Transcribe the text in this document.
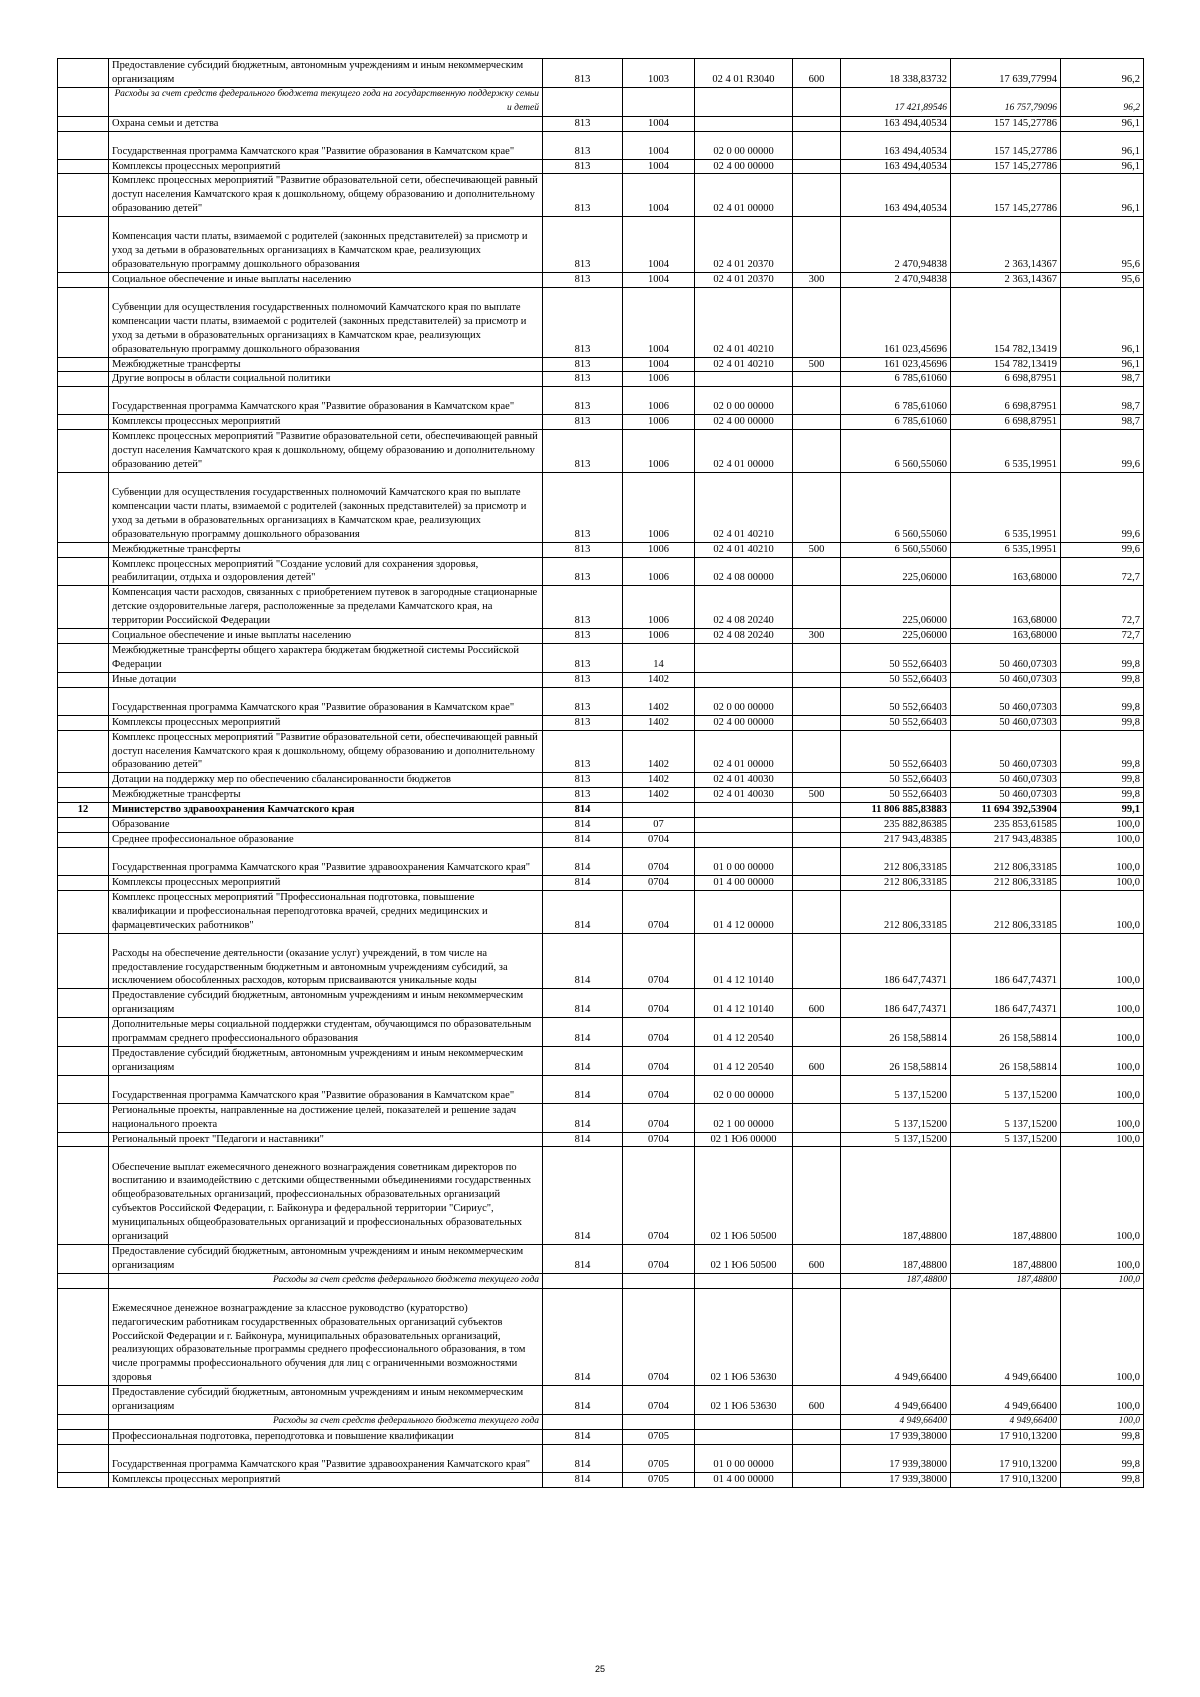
	Предоставление субсидий бюджетным, автономным учреждениям и иным некоммерческим организациям	813	1003	02 4 01 R3040	600	18 338,83732	17 639,77994	96,2
	Расходы за счет средств федерального бюджета текущего года на государственную поддержку семьи и детей					17 421,89546	16 757,79096	96,2
	Охрана семьи и детства	813	1004			163 494,40534	157 145,27786	96,1
	Государственная программа Камчатского края "Развитие образования в Камчатском крае"	813	1004	02 0 00 00000		163 494,40534	157 145,27786	96,1
	Комплексы процессных мероприятий	813	1004	02 4 00 00000		163 494,40534	157 145,27786	96,1
	Комплекс процессных мероприятий "Развитие образовательной сети, обеспечивающей равный доступ населения Камчатского края к дошкольному, общему образованию и дополнительному образованию детей"	813	1004	02 4 01 00000		163 494,40534	157 145,27786	96,1
	Компенсация части платы, взимаемой с родителей (законных представителей) за присмотр и уход за детьми в образовательных организациях в Камчатском крае, реализующих образовательную программу дошкольного образования	813	1004	02 4 01 20370		2 470,94838	2 363,14367	95,6
	Социальное обеспечение и иные выплаты населению	813	1004	02 4 01 20370	300	2 470,94838	2 363,14367	95,6
	Субвенции для осуществления государственных полномочий Камчатского края по выплате компенсации части платы, взимаемой с родителей (законных представителей) за присмотр и уход за детьми в образовательных организациях в Камчатском крае, реализующих образовательную программу дошкольного образования	813	1004	02 4 01 40210		161 023,45696	154 782,13419	96,1
	Межбюджетные трансферты	813	1004	02 4 01 40210	500	161 023,45696	154 782,13419	96,1
	Другие вопросы в области социальной политики	813	1006			6 785,61060	6 698,87951	98,7
	Государственная программа Камчатского края "Развитие образования в Камчатском крае"	813	1006	02 0 00 00000		6 785,61060	6 698,87951	98,7
	Комплексы процессных мероприятий	813	1006	02 4 00 00000		6 785,61060	6 698,87951	98,7
	Комплекс процессных мероприятий "Развитие образовательной сети, обеспечивающей равный доступ населения Камчатского края к дошкольному, общему образованию и дополнительному образованию детей"	813	1006	02 4 01 00000		6 560,55060	6 535,19951	99,6
	Субвенции для осуществления государственных полномочий Камчатского края по выплате компенсации части платы, взимаемой с родителей (законных представителей) за присмотр и уход за детьми в образовательных организациях в Камчатском крае, реализующих образовательную программу дошкольного образования	813	1006	02 4 01 40210		6 560,55060	6 535,19951	99,6
	Межбюджетные трансферты	813	1006	02 4 01 40210	500	6 560,55060	6 535,19951	99,6
	Комплекс процессных мероприятий "Создание условий для сохранения здоровья, реабилитации, отдыха и оздоровления детей"	813	1006	02 4 08 00000		225,06000	163,68000	72,7
	Компенсация части расходов, связанных с приобретением путевок в загородные стационарные детские оздоровительные лагеря, расположенные за пределами Камчатского края, на территории Российской Федерации	813	1006	02 4 08 20240		225,06000	163,68000	72,7
	Социальное обеспечение и иные выплаты населению	813	1006	02 4 08 20240	300	225,06000	163,68000	72,7
	Межбюджетные трансферты общего характера бюджетам бюджетной системы Российской Федерации	813	14			50 552,66403	50 460,07303	99,8
	Иные дотации	813	1402			50 552,66403	50 460,07303	99,8
	Государственная программа Камчатского края "Развитие образования в Камчатском крае"	813	1402	02 0 00 00000		50 552,66403	50 460,07303	99,8
	Комплексы процессных мероприятий	813	1402	02 4 00 00000		50 552,66403	50 460,07303	99,8
	Комплекс процессных мероприятий "Развитие образовательной сети, обеспечивающей равный доступ населения Камчатского края к дошкольному, общему образованию и дополнительному образованию детей"	813	1402	02 4 01 00000		50 552,66403	50 460,07303	99,8
	Дотации на поддержку мер по обеспечению сбалансированности бюджетов	813	1402	02 4 01 40030		50 552,66403	50 460,07303	99,8
	Межбюджетные трансферты	813	1402	02 4 01 40030	500	50 552,66403	50 460,07303	99,8
12	Министерство здравоохранения Камчатского края	814				11 806 885,83883	11 694 392,53904	99,1
	Образование	814	07			235 882,86385	235 853,61585	100,0
	Среднее профессиональное образование	814	0704			217 943,48385	217 943,48385	100,0
	Государственная программа Камчатского края "Развитие здравоохранения Камчатского края"	814	0704	01 0 00 00000		212 806,33185	212 806,33185	100,0
	Комплексы процессных мероприятий	814	0704	01 4 00 00000		212 806,33185	212 806,33185	100,0
	Комплекс процессных мероприятий "Профессиональная подготовка, повышение квалификации и профессиональная переподготовка врачей, средних медицинских и фармацевтических работников"	814	0704	01 4 12 00000		212 806,33185	212 806,33185	100,0
	Расходы на обеспечение деятельности (оказание услуг) учреждений, в том числе на предоставление государственным бюджетным и автономным учреждениям субсидий, за исключением обособленных расходов, которым присваиваются уникальные коды	814	0704	01 4 12 10140		186 647,74371	186 647,74371	100,0
	Предоставление субсидий бюджетным, автономным учреждениям и иным некоммерческим организациям	814	0704	01 4 12 10140	600	186 647,74371	186 647,74371	100,0
	Дополнительные меры социальной поддержки студентам, обучающимся по образовательным программам среднего профессионального образования	814	0704	01 4 12 20540		26 158,58814	26 158,58814	100,0
	Предоставление субсидий бюджетным, автономным учреждениям и иным некоммерческим организациям	814	0704	01 4 12 20540	600	26 158,58814	26 158,58814	100,0
	Государственная программа Камчатского края "Развитие образования в Камчатском крае"	814	0704	02 0 00 00000		5 137,15200	5 137,15200	100,0
	Региональные проекты, направленные на достижение целей, показателей и решение задач национального проекта	814	0704	02 1 00 00000		5 137,15200	5 137,15200	100,0
	Региональный проект "Педагоги и наставники"	814	0704	02 1 Ю6 00000		5 137,15200	5 137,15200	100,0
	Обеспечение выплат ежемесячного денежного вознаграждения советникам директоров по воспитанию и взаимодействию с детскими общественными объединениями государственных общеобразовательных организаций, профессиональных образовательных организаций субъектов Российской Федерации, г. Байконура и федеральной территории "Сириус", муниципальных общеобразовательных организаций и профессиональных образовательных организаций	814	0704	02 1 Ю6 50500		187,48800	187,48800	100,0
	Предоставление субсидий бюджетным, автономным учреждениям и иным некоммерческим организациям	814	0704	02 1 Ю6 50500	600	187,48800	187,48800	100,0
	Расходы за счет средств федерального бюджета текущего года					187,48800	187,48800	100,0
	Ежемесячное денежное вознаграждение за классное руководство (кураторство) педагогическим работникам государственных образовательных организаций субъектов Российской Федерации и г. Байконура, муниципальных образовательных организаций, реализующих образовательные программы среднего профессионального образования, в том числе программы профессионального обучения для лиц с ограниченными возможностями здоровья	814	0704	02 1 Ю6 53630		4 949,66400	4 949,66400	100,0
	Предоставление субсидий бюджетным, автономным учреждениям и иным некоммерческим организациям	814	0704	02 1 Ю6 53630	600	4 949,66400	4 949,66400	100,0
	Расходы за счет средств федерального бюджета текущего года					4 949,66400	4 949,66400	100,0
	Профессиональная подготовка, переподготовка и повышение квалификации	814	0705			17 939,38000	17 910,13200	99,8
	Государственная программа Камчатского края "Развитие здравоохранения Камчатского края"	814	0705	01 0 00 00000		17 939,38000	17 910,13200	99,8
	Комплексы процессных мероприятий	814	0705	01 4 00 00000		17 939,38000	17 910,13200	99,8
25
